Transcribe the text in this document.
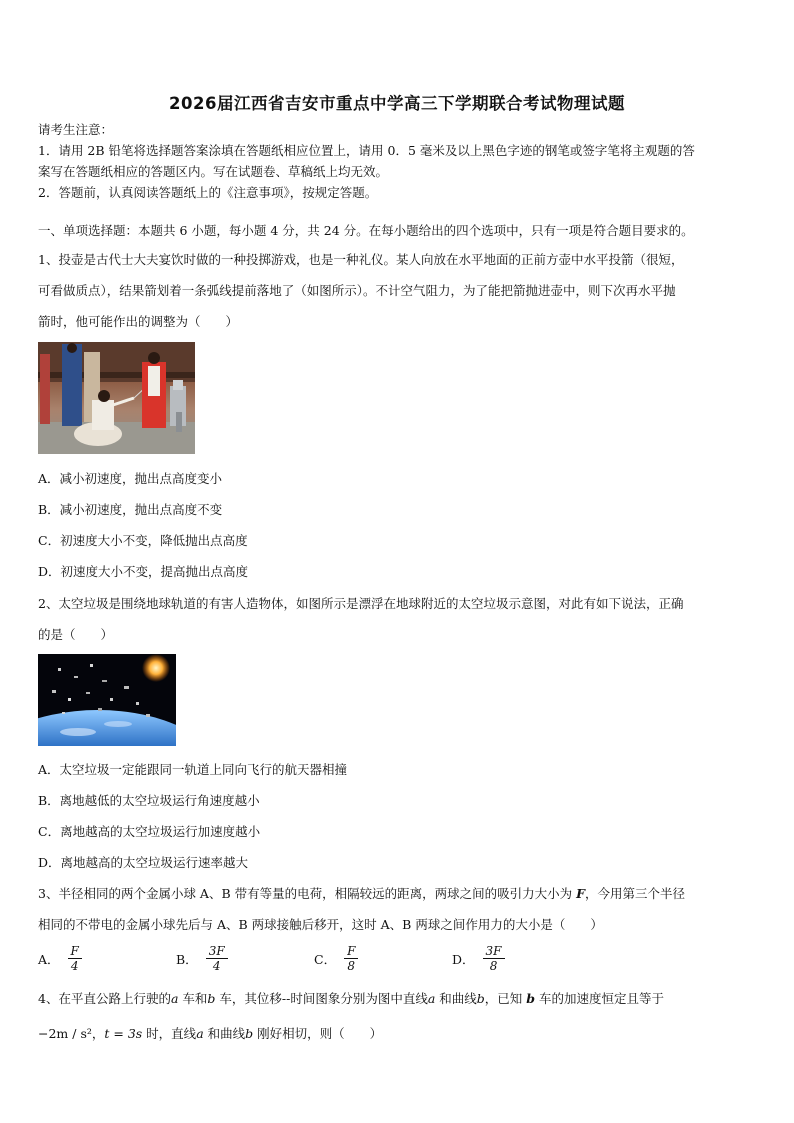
2026届江西省吉安市重点中学高三下学期联合考试物理试题
请考生注意：
1．请用 2B 铅笔将选择题答案涂填在答题纸相应位置上，请用 0．5 毫米及以上黑色字迹的钢笔或签字笔将主观题的答
案写在答题纸相应的答题区内。写在试题卷、草稿纸上均无效。
2．答题前，认真阅读答题纸上的《注意事项》，按规定答题。
一、单项选择题：本题共 6 小题，每小题 4 分，共 24 分。在每小题给出的四个选项中，只有一项是符合题目要求的。
1、投壶是古代士大夫宴饮时做的一种投掷游戏，也是一种礼仪。某人向放在水平地面的正前方壶中水平投箭（很短，
可看做质点），结果箭划着一条弧线提前落地了（如图所示）。不计空气阻力，为了能把箭抛进壶中，则下次再水平抛
箭时，他可能作出的调整为（　　）
A．减小初速度，抛出点高度变小
B．减小初速度，抛出点高度不变
C．初速度大小不变，降低抛出点高度
D．初速度大小不变，提高抛出点高度
2、太空垃圾是围绕地球轨道的有害人造物体，如图所示是漂浮在地球附近的太空垃圾示意图，对此有如下说法，正确
的是（　　）
A．太空垃圾一定能跟同一轨道上同向飞行的航天器相撞
B．离地越低的太空垃圾运行角速度越小
C．离地越高的太空垃圾运行加速度越小
D．离地越高的太空垃圾运行速率越大
3、半径相同的两个金属小球 A、B 带有等量的电荷，相隔较远的距离，两球之间的吸引力大小为 F，今用第三个半径
相同的不带电的金属小球先后与 A、B 两球接触后移开，这时 A、B 两球之间作用力的大小是（　　）
A． $\frac{F}{4}$	B． $\frac{3F}{4}$	C． $\frac{F}{8}$	D． $\frac{3F}{8}$
4、在平直公路上行驶的a 车和b 车，其位移--时间图象分别为图中直线a 和曲线b，已知 b 车的加速度恒定且等于
−2m / s²，t = 3s 时，直线a 和曲线b 刚好相切，则（　　）
